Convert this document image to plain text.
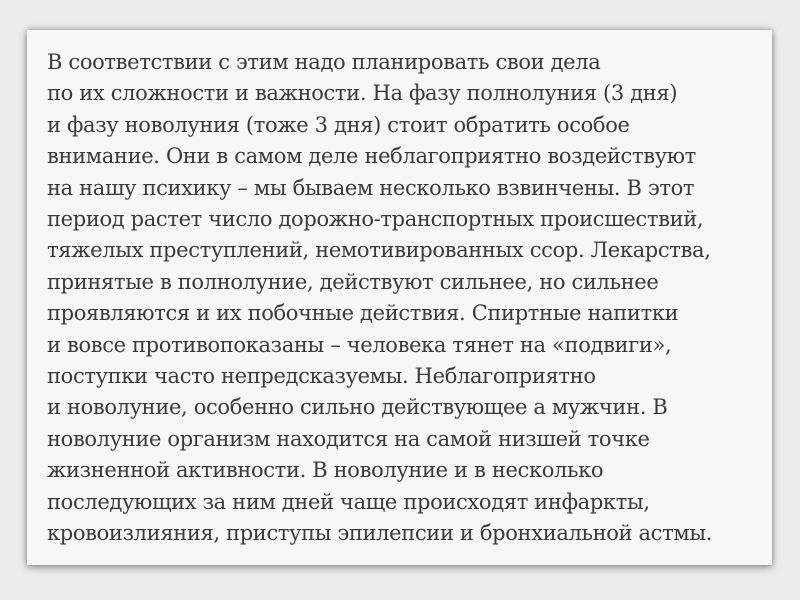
В соответствии с этим надо планировать свои дела
по их сложности и важности. На фазу полнолуния (3 дня)
и фазу новолуния (тоже 3 дня) стоит обратить особое
внимание. Они в самом деле неблагоприятно воздействуют
на нашу психику – мы бываем несколько взвинчены. В этот
период растет число дорожно-транспортных происшествий,
тяжелых преступлений, немотивированных ссор. Лекарства,
принятые в полнолуние, действуют сильнее, но сильнее
проявляются и их побочные действия. Спиртные напитки
и вовсе противопоказаны – человека тянет на «подвиги»,
поступки часто непредсказуемы. Неблагоприятно
и новолуние, особенно сильно действующее а мужчин. В
новолуние организм находится на самой низшей точке
жизненной активности. В новолуние и в несколько
последующих за ним дней чаще происходят инфаркты,
кровоизлияния, приступы эпилепсии и бронхиальной астмы.
